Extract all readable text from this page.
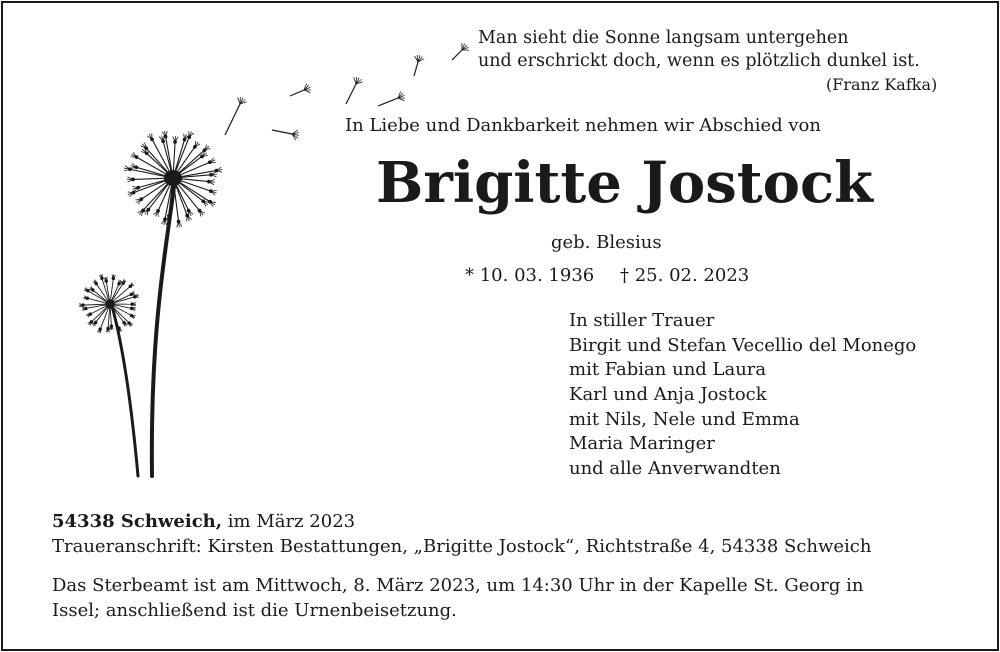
Man sieht die Sonne langsam untergehen
und erschrickt doch, wenn es plötzlich dunkel ist.
(Franz Kafka)
In Liebe und Dankbarkeit nehmen wir Abschied von
Brigitte Jostock
geb. Blesius
* 10. 03. 1936 † 25. 02. 2023
In stiller Trauer
Birgit und Stefan Vecellio del Monego
mit Fabian und Laura
Karl und Anja Jostock
mit Nils, Nele und Emma
Maria Maringer
und alle Anverwandten
54338 Schweich, im März 2023
Traueranschrift: Kirsten Bestattungen, „Brigitte Jostock“, Richtstraße 4, 54338 Schweich
Das Sterbeamt ist am Mittwoch, 8. März 2023, um 14:30 Uhr in der Kapelle St. Georg in
Issel; anschließend ist die Urnenbeisetzung.
